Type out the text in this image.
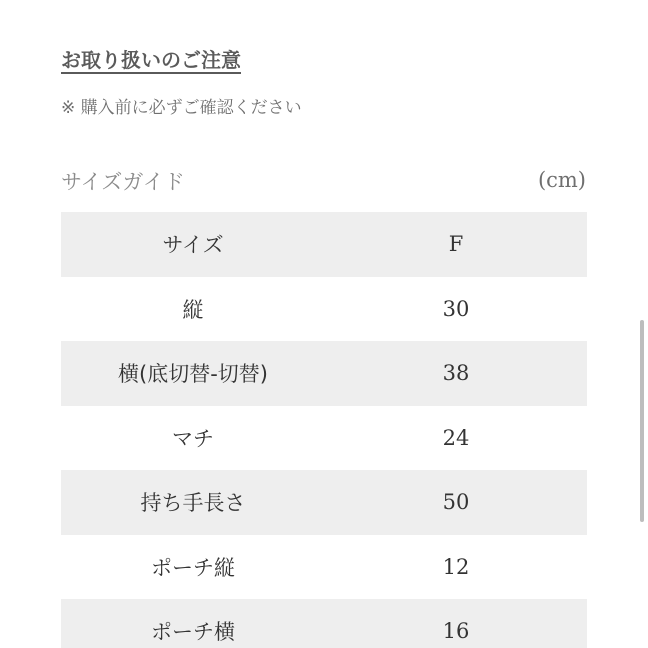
お取り扱いのご注意
※ 購入前に必ずご確認ください
サイズガイド	(cm)
サイズ	F
縦	30
横(底切替-切替)	38
マチ	24
持ち手長さ	50
ポーチ縦	12
ポーチ横	16
